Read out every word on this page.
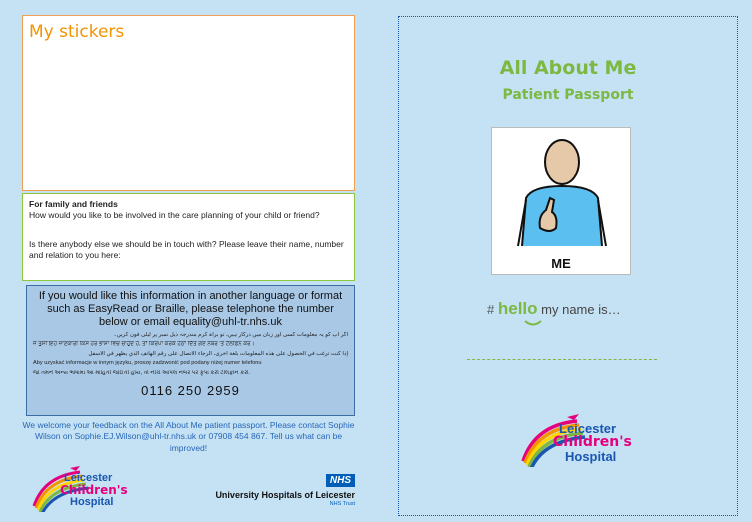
My stickers
For family and friends
How would you like to be involved in the care planning of your child or friend?
Is there anybody else we should be in touch with? Please leave their name, number and relation to you here:
If you would like this information in another language or format such as EasyRead or Braille, please telephone the number below or email equality@uhl-tr.nhs.uk
اگر آپ کو یہ معلومات کسی اور زبان میں درکار ہیں، تو براہ کرم مندرجہ ذیل نمبر پر ٹیلی فون کریں۔
ਜੇ ਤੁਸੀਂ ਇਹ ਜਾਣਕਾਰੀ ਕਿਸੇ ਹੋਰ ਭਾਸ਼ਾ ਵਿਚ ਚਾਹੁੰਦੇ ਹੋ, ਤਾਂ ਕਿਰਪਾ ਕਰਕੇ ਹੇਠਾਂ ਦਿੱਤੇ ਗਏ ਨੰਬਰ 'ਤੇ ਟੈਲੀਫ਼ੋਨ ਕਰੋ।
إذا كنت ترغب في الحصول على هذه المعلومات بلغة أخرى، الرجاء الاتصال على رقم الهاتف الذي يظهر في الأسفل
Aby uzyskać informacje w innym języku, proszę zadzwonić pod podany niżej numer telefonu
જો તમને અન્ય ભાષામાં આ માહિતી જોઈતી હોય, તો નીચે આપેલ નંબર પર કૃપા કરી ટેલિફોન કરો.
0116 250 2959
We welcome your feedback on the All About Me patient passport. Please contact Sophie Wilson on Sophie.EJ.Wilson@uhl-tr.nhs.uk or 07908 454 867. Tell us what can be improved!
Leicester
Children's
Hospital
NHS
University Hospitals of Leicester
NHS Trust
All About Me
Patient Passport
ME
# hello my name is…
Leicester
Children's
Hospital
